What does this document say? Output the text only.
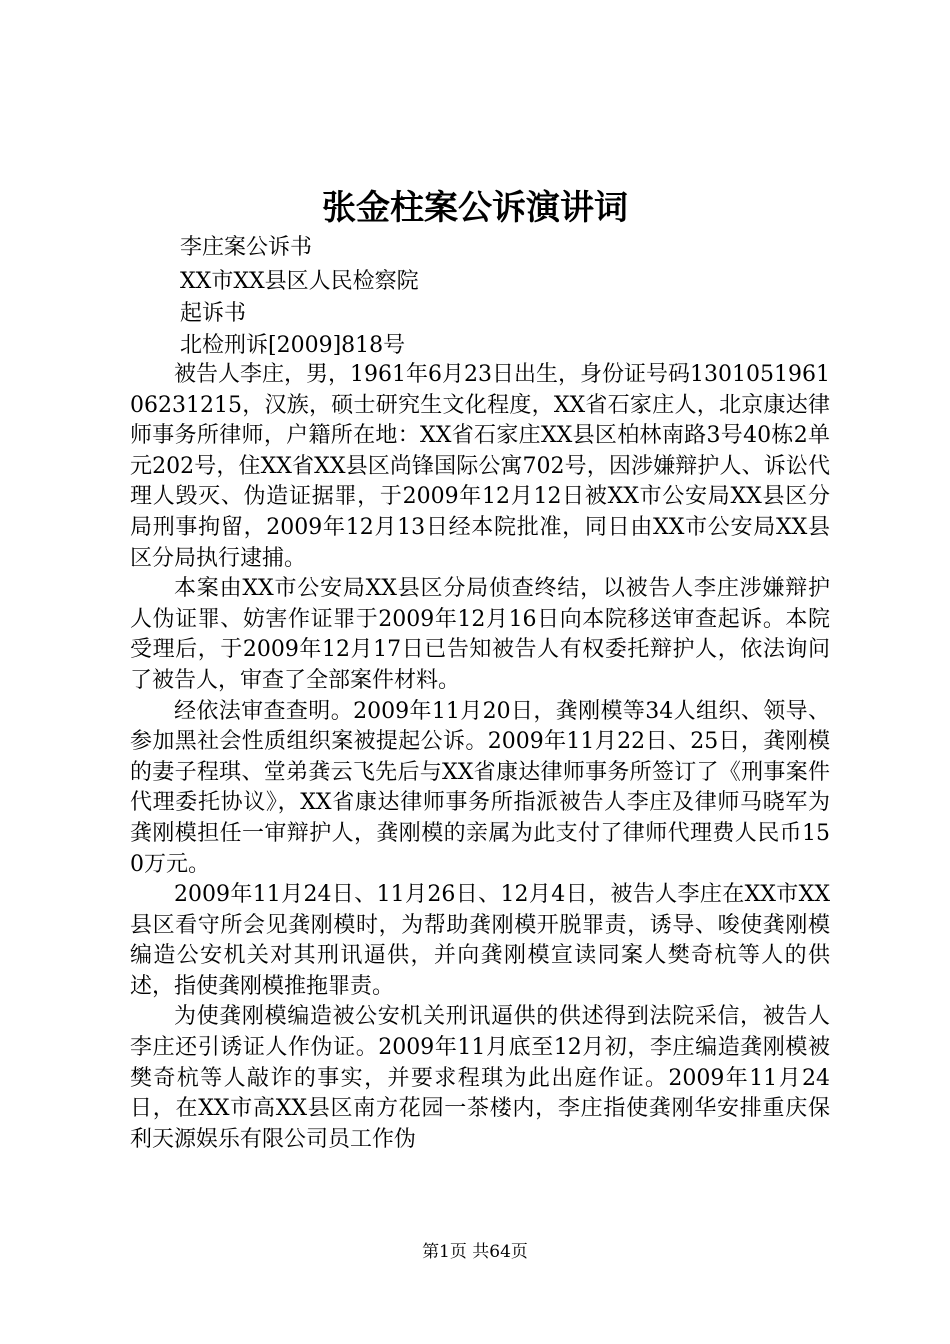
张金柱案公诉演讲词
李庄案公诉书
XX市XX县区人民检察院
起诉书
北检刑诉[2009]818号

被告人李庄，男，1961年6月23日出生，身份证号码130105196106231215，汉族，硕士研究生文化程度，XX省石家庄人，北京康达律师事务所律师，户籍所在地：XX省石家庄XX县区柏林南路3号40栋2单元202号，住XX省XX县区尚锋国际公寓702号，因涉嫌辩护人、诉讼代理人毁灭、伪造证据罪，于2009年12月12日被XX市公安局XX县区分局刑事拘留，2009年12月13日经本院批准，同日由XX市公安局XX县区分局执行逮捕。

本案由XX市公安局XX县区分局侦查终结，以被告人李庄涉嫌辩护人伪证罪、妨害作证罪于2009年12月16日向本院移送审查起诉。本院受理后，于2009年12月17日已告知被告人有权委托辩护人，依法询问了被告人，审查了全部案件材料。

经依法审查查明。2009年11月20日，龚刚模等34人组织、领导、参加黑社会性质组织案被提起公诉。2009年11月22日、25日，龚刚模的妻子程琪、堂弟龚云飞先后与XX省康达律师事务所签订了《刑事案件代理委托协议》，XX省康达律师事务所指派被告人李庄及律师马晓军为龚刚模担任一审辩护人，龚刚模的亲属为此支付了律师代理费人民币150万元。

2009年11月24日、11月26日、12月4日，被告人李庄在XX市XX县区看守所会见龚刚模时，为帮助龚刚模开脱罪责，诱导、唆使龚刚模编造公安机关对其刑讯逼供，并向龚刚模宣读同案人樊奇杭等人的供述，指使龚刚模推拖罪责。

为使龚刚模编造被公安机关刑讯逼供的供述得到法院采信，被告人李庄还引诱证人作伪证。2009年11月底至12月初，李庄编造龚刚模被樊奇杭等人敲诈的事实，并要求程琪为此出庭作证。2009年11月24日，在XX市高XX县区南方花园一茶楼内，李庄指使龚刚华安排重庆保利天源娱乐有限公司员工作伪

第1页 共64页
